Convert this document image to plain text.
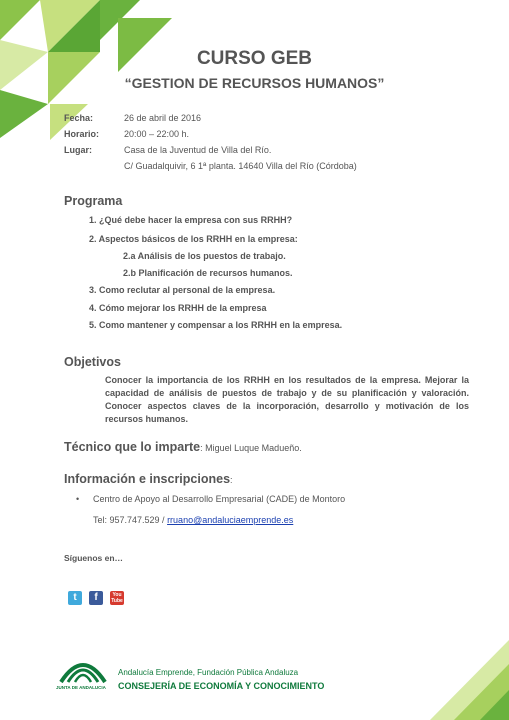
CURSO GEB
“GESTION DE RECURSOS HUMANOS”
Fecha:	26 de abril de 2016
Horario:	20:00 – 22:00 h.
Lugar:	Casa de la Juventud de Villa del Río.
C/ Guadalquivir, 6 1ª planta. 14640 Villa del Río (Córdoba)
Programa
1. ¿Qué debe hacer la empresa con sus RRHH?
2. Aspectos básicos de los RRHH en la empresa:
2.a Análisis de los puestos de trabajo.
2.b Planificación de recursos humanos.
3. Como reclutar al personal de la empresa.
4. Cómo mejorar los RRHH de la empresa
5. Como mantener y compensar a los RRHH en la empresa.
Objetivos
Conocer la importancia de los RRHH en los resultados de la empresa. Mejorar la capacidad de análisis de puestos de trabajo y de su planificación y valoración. Conocer aspectos claves de la incorporación, desarrollo y motivación de los recursos humanos.
Técnico que lo imparte: Miguel Luque Madueño.
Información e inscripciones:
• Centro de Apoyo al Desarrollo Empresarial (CADE) de Montoro
Tel: 957.747.529 / rruano@andaluciaemprende.es
Síguenos en…
t	f	You
Tube
JUNTA DE ANDALUCIA
Andalucía Emprende, Fundación Pública Andaluza
CONSEJERÍA DE ECONOMÍA Y CONOCIMIENTO
